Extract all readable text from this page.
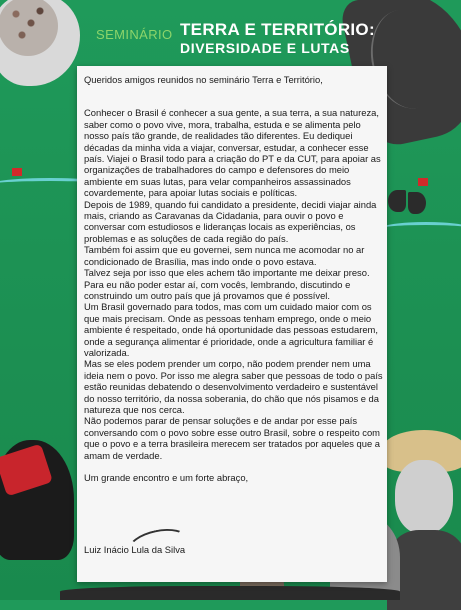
SEMINÁRIO TERRA E TERRITÓRIO:
DIVERSIDADE E LUTAS

Queridos amigos reunidos no seminário Terra e Território,

Conhecer o Brasil é conhecer a sua gente, a sua terra, a sua natureza, saber como o povo vive, mora, trabalha, estuda e se alimenta pelo nosso país tão grande, de realidades tão diferentes. Eu dediquei décadas da minha vida a viajar, conversar, estudar, a conhecer esse país. Viajei o Brasil todo para a criação do PT e da CUT, para apoiar as organizações de trabalhadores do campo e defensores do meio ambiente em suas lutas, para velar companheiros assassinados covardemente, para apoiar lutas sociais e políticas.

Depois de 1989, quando fui candidato a presidente, decidi viajar ainda mais, criando as Caravanas da Cidadania, para ouvir o povo e conversar com estudiosos e lideranças locais as experiências, os problemas e as soluções de cada região do país.

Também foi assim que eu governei, sem nunca me acomodar no ar condicionado de Brasília, mas indo onde o povo estava.

Talvez seja por isso que eles achem tão importante me deixar preso. Para eu não poder estar aí, com vocês, lembrando, discutindo e construindo um outro país que já provamos que é possível.

Um Brasil governado para todos, mas com um cuidado maior com os que mais precisam. Onde as pessoas tenham emprego, onde o meio ambiente é respeitado, onde há oportunidade das pessoas estudarem, onde a segurança alimentar é prioridade, onde a agricultura familiar é valorizada.

Mas se eles podem prender um corpo, não podem prender nem uma ideia nem o povo. Por isso me alegra saber que pessoas de todo o país estão reunidas debatendo o desenvolvimento verdadeiro e sustentável do nosso território, da nossa soberania, do chão que nós pisamos e da natureza que nos cerca.

Não podemos parar de pensar soluções e de andar por esse país conversando com o povo sobre esse outro Brasil, sobre o respeito com que o povo e a terra brasileira merecem ser tratados por aqueles que a amam de verdade.

Um grande encontro e um forte abraço,

Luiz Inácio Lula da Silva
